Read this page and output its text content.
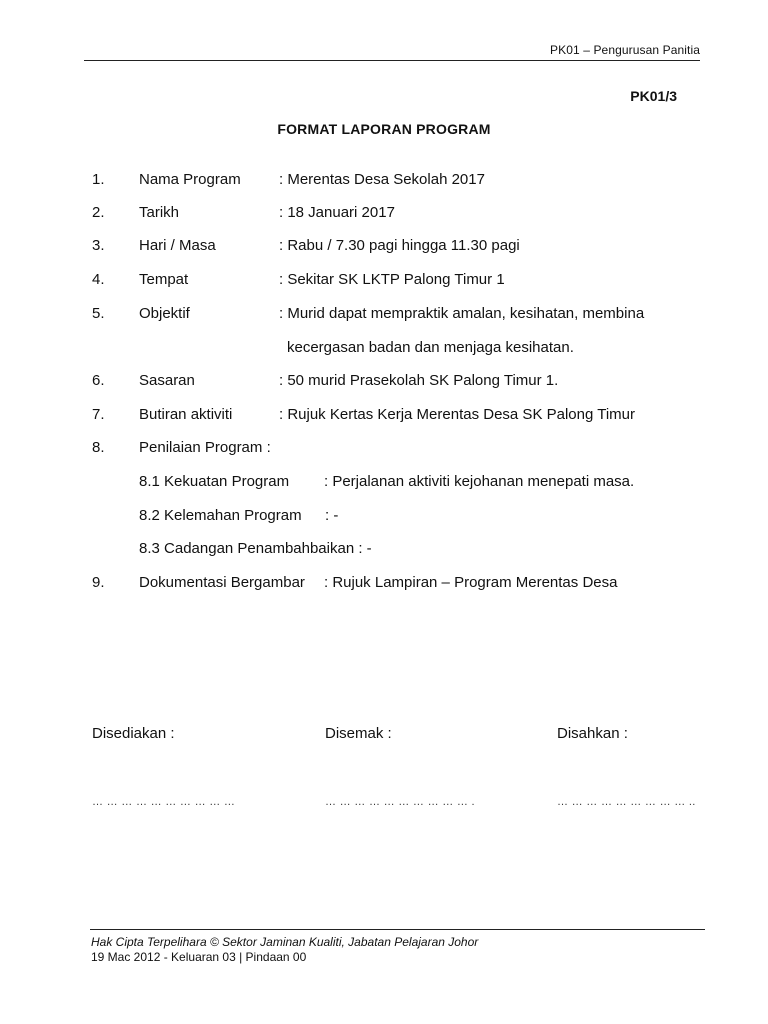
PK01 – Pengurusan Panitia
PK01/3
FORMAT LAPORAN PROGRAM
1. Nama Program	: Merentas Desa Sekolah 2017
2. Tarikh	: 18 Januari 2017
3. Hari / Masa	: Rabu / 7.30 pagi hingga 11.30 pagi
4. Tempat	: Sekitar SK LKTP Palong Timur 1
5. Objektif	: Murid dapat mempraktik amalan, kesihatan, membina
kecergasan badan dan menjaga kesihatan.
6. Sasaran	: 50 murid Prasekolah SK Palong Timur 1.
7. Butiran aktiviti	: Rujuk Kertas Kerja Merentas Desa SK Palong Timur
8. Penilaian Program :
8.1 Kekuatan Program : Perjalanan aktiviti kejohanan menepati masa.
8.2 Kelemahan Program : -
8.3 Cadangan Penambahbaikan : -
9. Dokumentasi Bergambar : Rujuk Lampiran – Program Merentas Desa
Disediakan :	Disemak :	Disahkan :
… … … … … … … … … …	… … … … … … … … … … .	… … … … … … … … … ..
Hak Cipta Terpelihara © Sektor Jaminan Kualiti, Jabatan Pelajaran Johor
19 Mac 2012 - Keluaran 03 | Pindaan 00
